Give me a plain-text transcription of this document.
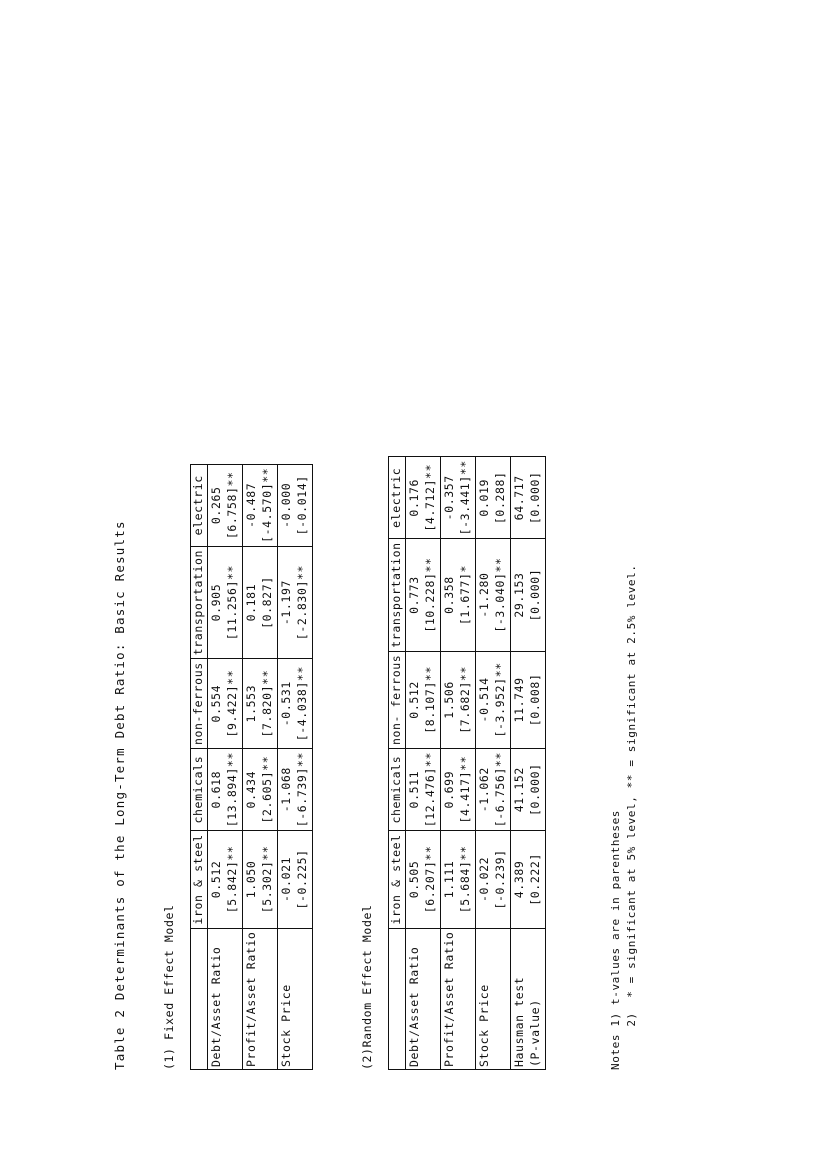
Table 2 Determinants of the Long-Term Debt Ratio: Basic Results	(1) Fixed Effect Model
	iron & steel	chemicals	non-ferrous	transportation	electric

Debt/Asset Ratio	0.512 [5.842]**	0.618 [13.894]**	0.554 [9.422]**	0.905 [11.256]**	0.265 [6.758]**

Profit/Asset Ratio	1.050 [5.302]**	0.434 [2.605]**	1.553 [7.820]**	0.181 [0.827]	-0.487 [-4.570]**

Stock Price	-0.021 [-0.225]	-1.068 [-6.739]**	-0.531 [-4.038]**	-1.197 [-2.830]**	-0.000 [-0.014]
(2)Random Effect Model
	iron & steel	chemicals	non- ferrous	transportation	electric

Debt/Asset Ratio	0.505 [6.207]**	0.511 [12.476]**	0.512 [8.107]**	0.773 [10.228]**	0.176 [4.712]**

Profit/Asset Ratio	1.111 [5.684]**	0.699 [4.417]**	1.506 [7.682]**	0.358 [1.677]*	-0.357 [-3.441]**

Stock Price	-0.022 [-0.239]	-1.062 [-6.756]**	-0.514 [-3.952]**	-1.280 [-3.040]**	0.019 [0.288]

Hausman test (P-value)	4.389 [0.222]	41.152 [0.000]	11.749 [0.008]	29.153 [0.000]	64.717 [0.000]
Notes 1) t-values are in parentheses 2)  * = significant at 5% level, ** = significant at 2.5% level.
